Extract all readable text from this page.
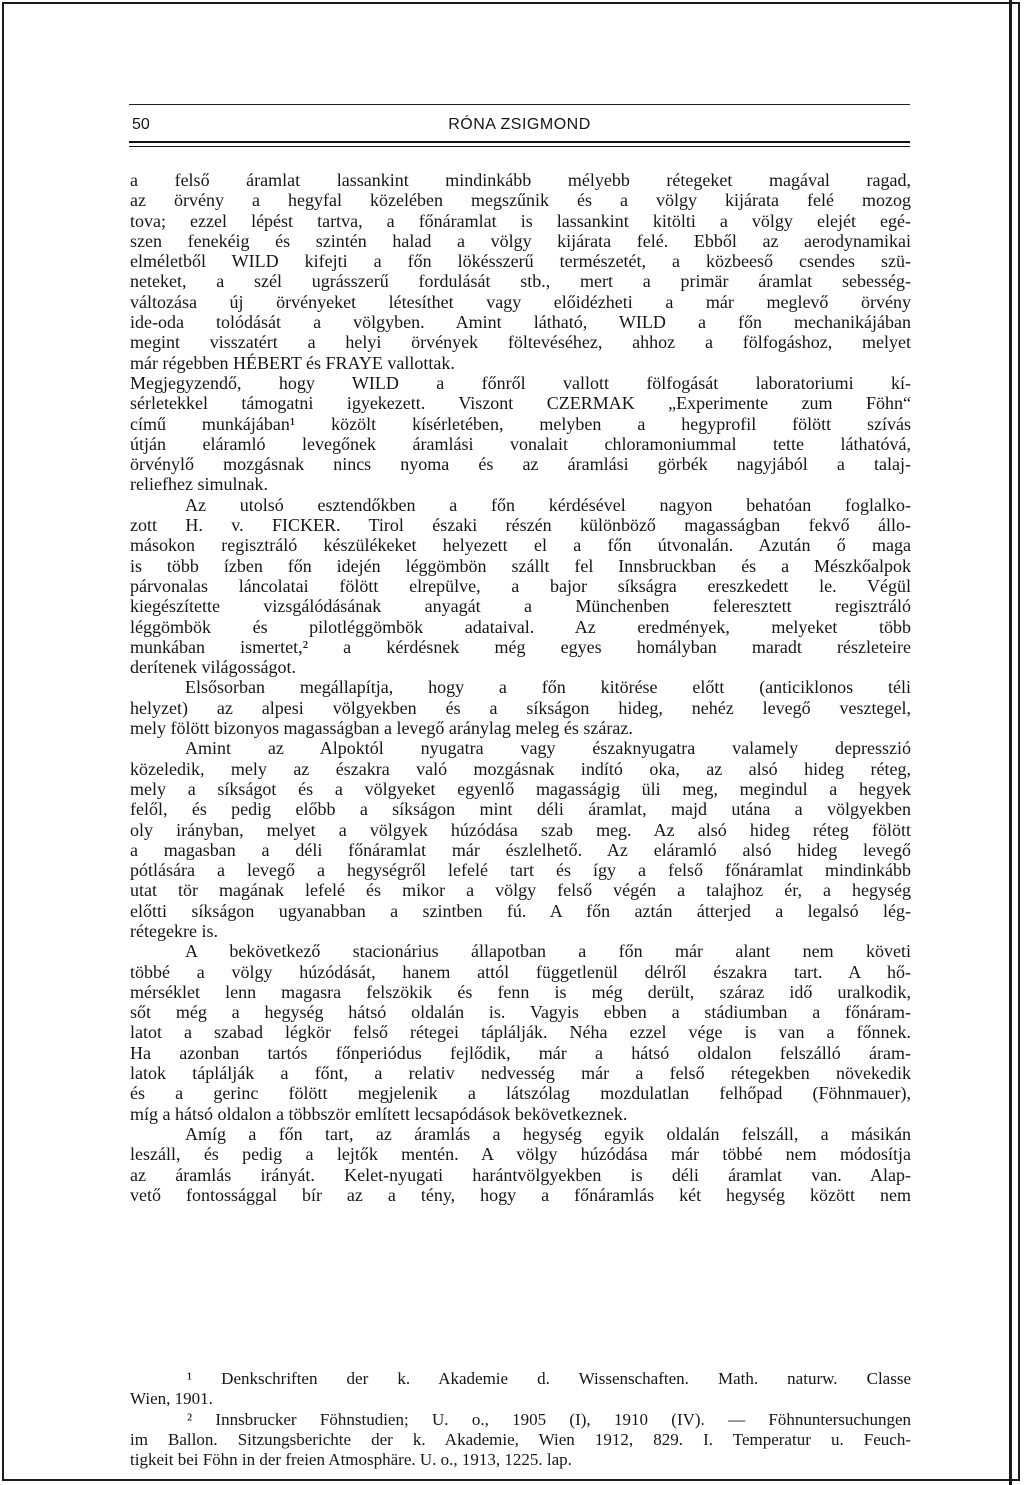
50	RÓNA ZSIGMOND
a felső áramlat lassankint mindinkább mélyebb rétegeket magával ragad,
az örvény a hegyfal közelében megszűnik és a völgy kijárata felé mozog
tova; ezzel lépést tartva, a főnáramlat is lassankint kitölti a völgy elejét egé-
szen fenekéig és szintén halad a völgy kijárata felé. Ebből az aerodynamikai
elméletből WILD kifejti a főn lökésszerű természetét, a közbeeső csendes szü-
neteket, a szél ugrásszerű fordulását stb., mert a primär áramlat sebesség-
változása új örvényeket létesíthet vagy előidézheti a már meglevő örvény
ide-oda tolódását a völgyben. Amint látható, WILD a főn mechanikájában
megint visszatért a helyi örvények föltevéséhez, ahhoz a fölfogáshoz, melyet
már régebben HÉBERT és FRAYE vallottak.
Megjegyzendő, hogy WILD a főnről vallott fölfogását laboratoriumi kí-
sérletekkel támogatni igyekezett. Viszont CZERMAK „Experimente zum Föhn“
című munkájában¹ közölt kísérletében, melyben a hegyprofil fölött szívás
útján eláramló levegőnek áramlási vonalait chloramoniummal tette láthatóvá,
örvénylő mozgásnak nincs nyoma és az áramlási görbék nagyjából a talaj-
reliefhez simulnak.
Az utolsó esztendőkben a főn kérdésével nagyon behatóan foglalko-
zott H. v. FICKER. Tirol északi részén különböző magasságban fekvő állo-
másokon regisztráló készülékeket helyezett el a főn útvonalán. Azután ő maga
is több ízben főn idején léggömbön szállt fel Innsbruckban és a Mészkőalpok
párvonalas láncolatai fölött elrepülve, a bajor síkságra ereszkedett le. Végül
kiegészítette vizsgálódásának anyagát a Münchenben feleresztett regisztráló
léggömbök és pilotléggömbök adataival. Az eredmények, melyeket több
munkában ismertet,² a kérdésnek még egyes homályban maradt részleteire
derítenek világosságot.
Elsősorban megállapítja, hogy a főn kitörése előtt (anticiklonos téli
helyzet) az alpesi völgyekben és a síkságon hideg, nehéz levegő vesztegel,
mely fölött bizonyos magasságban a levegő aránylag meleg és száraz.
Amint az Alpoktól nyugatra vagy északnyugatra valamely depresszió
közeledik, mely az északra való mozgásnak indító oka, az alsó hideg réteg,
mely a síkságot és a völgyeket egyenlő magasságig üli meg, megindul a hegyek
felől, és pedig előbb a síkságon mint déli áramlat, majd utána a völgyekben
oly irányban, melyet a völgyek húzódása szab meg. Az alsó hideg réteg fölött
a magasban a déli főnáramlat már észlelhető. Az eláramló alsó hideg levegő
pótlására a levegő a hegységről lefelé tart és így a felső főnáramlat mindinkább
utat tör magának lefelé és mikor a völgy felső végén a talajhoz ér, a hegység
előtti síkságon ugyanabban a szintben fú. A főn aztán átterjed a legalsó lég-
rétegekre is.
A bekövetkező stacionárius állapotban a főn már alant nem követi
többé a völgy húzódását, hanem attól függetlenül délről északra tart. A hő-
mérséklet lenn magasra felszökik és fenn is még derült, száraz idő uralkodik,
sőt még a hegység hátsó oldalán is. Vagyis ebben a stádiumban a főnáram-
latot a szabad légkör felső rétegei táplálják. Néha ezzel vége is van a főnnek.
Ha azonban tartós főnperiódus fejlődik, már a hátsó oldalon felszálló áram-
latok táplálják a főnt, a relativ nedvesség már a felső rétegekben növekedik
és a gerinc fölött megjelenik a látszólag mozdulatlan felhőpad (Föhnmauer),
míg a hátsó oldalon a többször említett lecsapódások bekövetkeznek.
Amíg a főn tart, az áramlás a hegység egyik oldalán felszáll, a másikán
leszáll, és pedig a lejtők mentén. A völgy húzódása már többé nem módosítja
az áramlás irányát. Kelet-nyugati harántvölgyekben is déli áramlat van. Alap-
vető fontossággal bír az a tény, hogy a főnáramlás két hegység között nem
¹ Denkschriften der k. Akademie d. Wissenschaften. Math. naturw. Classe
Wien, 1901.
² Innsbrucker Föhnstudien; U. o., 1905 (I), 1910 (IV). — Föhnuntersuchungen
im Ballon. Sitzungsberichte der k. Akademie, Wien 1912, 829. I. Temperatur u. Feuch-
tigkeit bei Föhn in der freien Atmosphäre. U. o., 1913, 1225. lap.
